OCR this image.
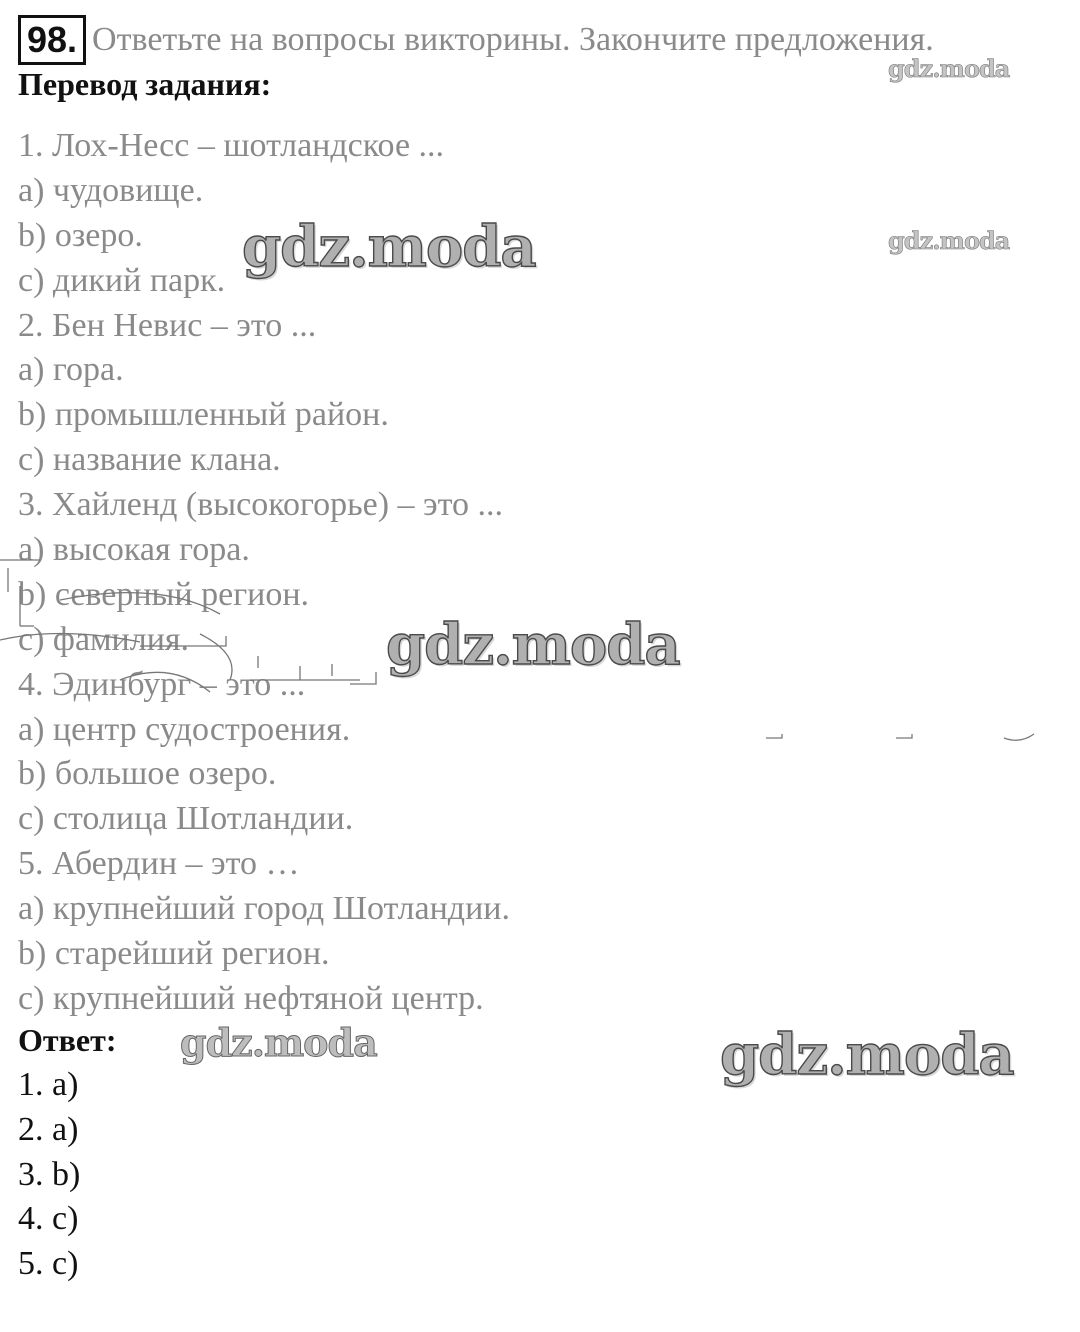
98. Ответьте на вопросы викторины. Закончите предложения.
Перевод задания:
1. Лох-Несс – шотландское ...
a) чудовище.
b) озеро.
c) дикий парк.
2. Бен Невис – это ...
a) гора.
b) промышленный район.
c) название клана.
3. Хайленд (высокогорье) – это ...
a) высокая гора.
b) северный регион.
c) фамилия.
4. Эдинбург – это ...
a) центр судостроения.
b) большое озеро.
c) столица Шотландии.
5. Абердин – это …
a) крупнейший город Шотландии.
b) старейший регион.
c) крупнейший нефтяной центр.
gdz.moda
gdz.moda
gdz.moda
gdz.moda
gdz.moda	gdz.moda
Ответ:
1. a)
2. a)
3. b)
4. c)
5. c)
